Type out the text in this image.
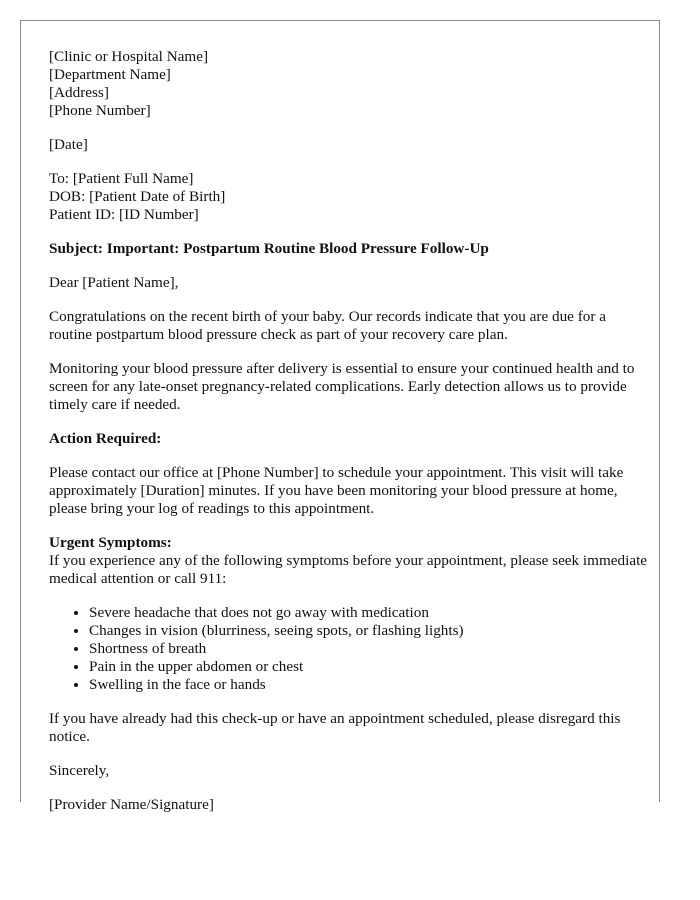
[Clinic or Hospital Name]
[Department Name]
[Address]
[Phone Number]
[Date]
To: [Patient Full Name]
DOB: [Patient Date of Birth]
Patient ID: [ID Number]

Subject: Important: Postpartum Routine Blood Pressure Follow-Up

Dear [Patient Name],

Congratulations on the recent birth of your baby. Our records indicate that you are due for a routine postpartum blood pressure check as part of your recovery care plan.

Monitoring your blood pressure after delivery is essential to ensure your continued health and to screen for any late-onset pregnancy-related complications. Early detection allows us to provide timely care if needed.

Action Required:

Please contact our office at [Phone Number] to schedule your appointment. This visit will take approximately [Duration] minutes. If you have been monitoring your blood pressure at home, please bring your log of readings to this appointment.

Urgent Symptoms:
If you experience any of the following symptoms before your appointment, please seek immediate medical attention or call 911:
• Severe headache that does not go away with medication
• Changes in vision (blurriness, seeing spots, or flashing lights)
• Shortness of breath
• Pain in the upper abdomen or chest
• Swelling in the face or hands

If you have already had this check-up or have an appointment scheduled, please disregard this notice.

Sincerely,

[Provider Name/Signature]
